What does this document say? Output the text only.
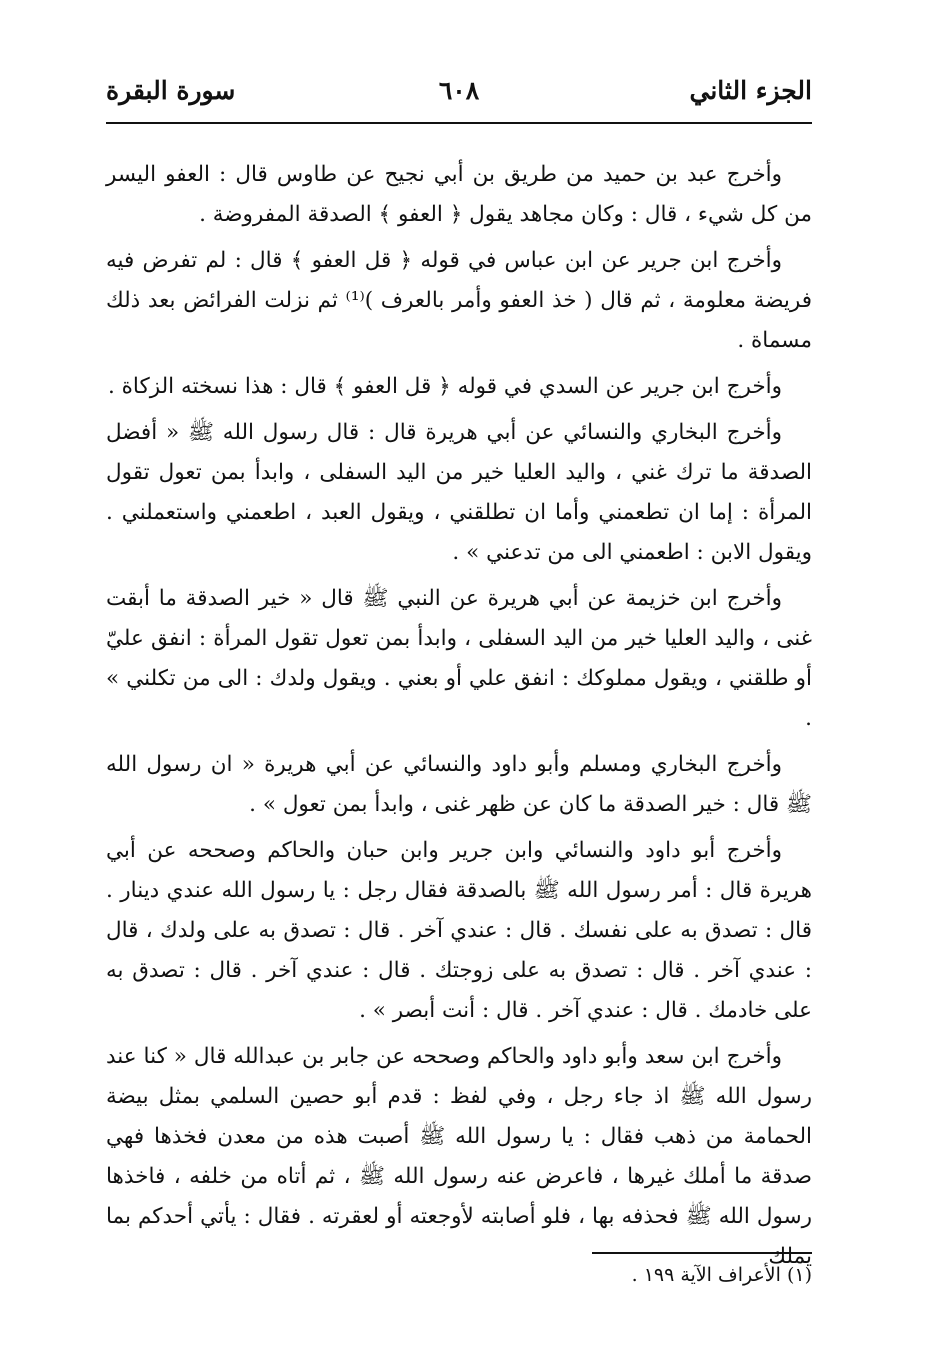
الجزء الثاني
٦٠٨
سورة البقرة

وأخرج عبد بن حميد من طريق بن أبي نجيح عن طاوس قال : العفو اليسر من كل شيء ، قال : وكان مجاهد يقول ﴿ العفو ﴾ الصدقة المفروضة .

وأخرج ابن جرير عن ابن عباس في قوله ﴿ قل العفو ﴾ قال : لم تفرض فيه فريضة معلومة ، ثم قال ( خذ العفو وأمر بالعرف )⁽¹⁾ ثم نزلت الفرائض بعد ذلك مسماة .

وأخرج ابن جرير عن السدي في قوله ﴿ قل العفو ﴾ قال : هذا نسخته الزكاة .

وأخرج البخاري والنسائي عن أبي هريرة قال : قال رسول الله ﷺ « أفضل الصدقة ما ترك غني ، واليد العليا خير من اليد السفلى ، وابدأ بمن تعول تقول المرأة : إما ان تطعمني وأما ان تطلقني ، ويقول العبد ، اطعمني واستعملني . ويقول الابن : اطعمني الى من تدعني » .

وأخرج ابن خزيمة عن أبي هريرة عن النبي ﷺ قال « خير الصدقة ما أبقت غنى ، واليد العليا خير من اليد السفلى ، وابدأ بمن تعول تقول المرأة : انفق عليّ أو طلقني ، ويقول مملوكك : انفق علي أو بعني . ويقول ولدك : الى من تكلني » .

وأخرج البخاري ومسلم وأبو داود والنسائي عن أبي هريرة « ان رسول الله ﷺ قال : خير الصدقة ما كان عن ظهر غنى ، وابدأ بمن تعول » .

وأخرج أبو داود والنسائي وابن جرير وابن حبان والحاكم وصححه عن أبي هريرة قال : أمر رسول الله ﷺ بالصدقة فقال رجل : يا رسول الله عندي دينار . قال : تصدق به على نفسك . قال : عندي آخر . قال : تصدق به على ولدك ، قال : عندي آخر . قال : تصدق به على زوجتك . قال : عندي آخر . قال : تصدق به على خادمك . قال : عندي آخر . قال : أنت أبصر » .

وأخرج ابن سعد وأبو داود والحاكم وصححه عن جابر بن عبدالله قال « كنا عند رسول الله ﷺ اذ جاء رجل ، وفي لفظ : قدم أبو حصين السلمي بمثل بيضة الحمامة من ذهب فقال : يا رسول الله ﷺ أصبت هذه من معدن فخذها فهي صدقة ما أملك غيرها ، فاعرض عنه رسول الله ﷺ ، ثم أتاه من خلفه ، فاخذها رسول الله ﷺ فحذفه بها ، فلو أصابته لأوجعته أو لعقرته . فقال : يأتي أحدكم بما يملك

(١) الأعراف الآية ١٩٩ .
